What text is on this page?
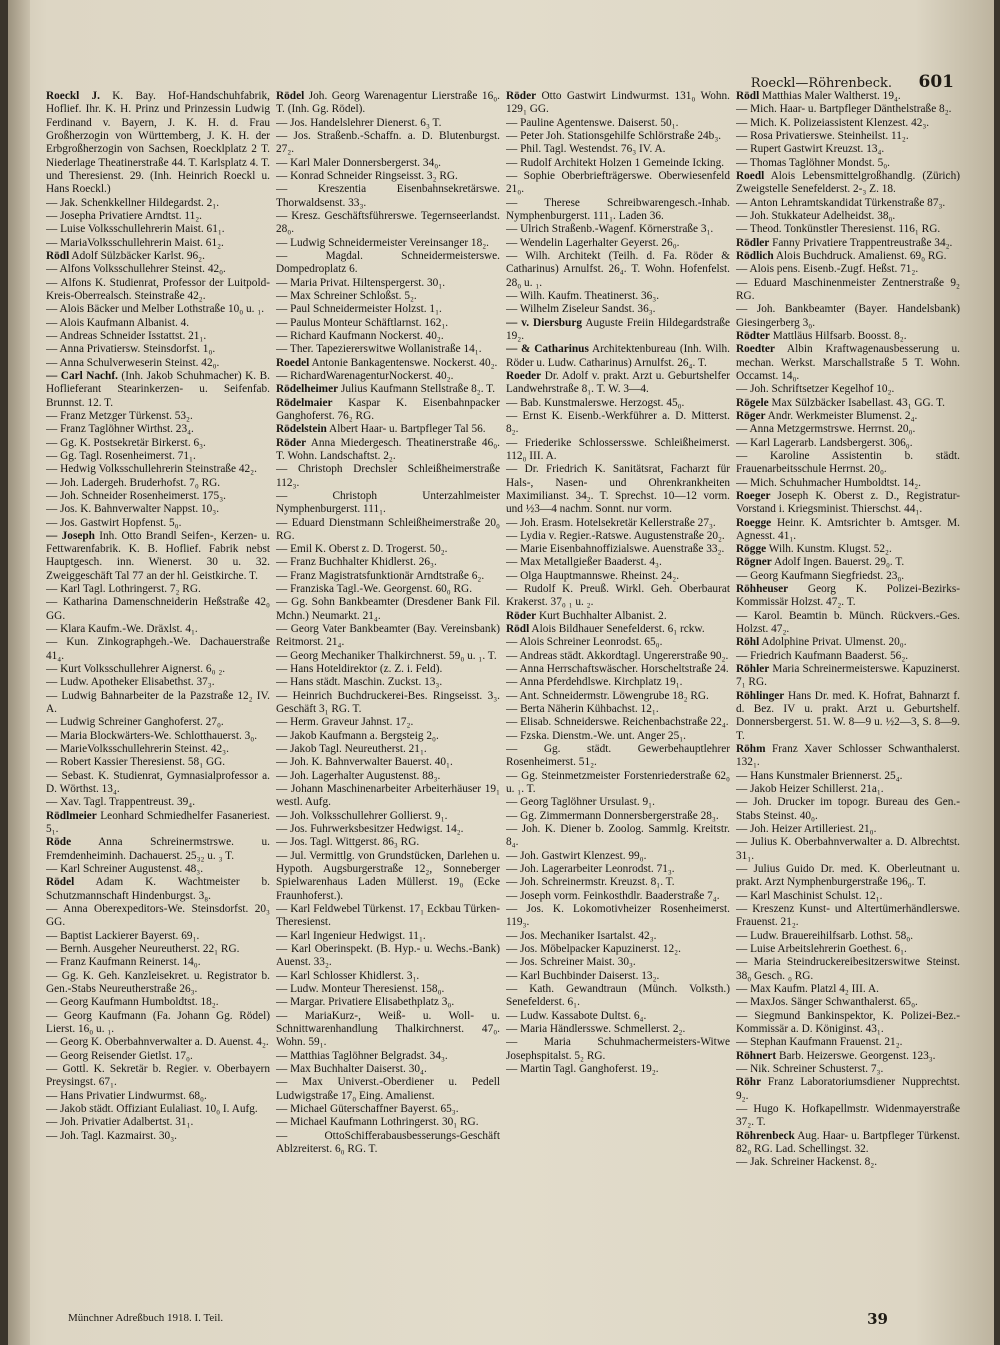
Roeckl—Röhrenbeck. 601
Roeckl J. K. Bay. Hof-Handschuhfabrik, Hoflief. Ihr. K. H. Prinz und Prinzessin Ludwig Ferdinand v. Bayern, J. K. H. d. Frau Großherzogin von Württemberg, J. K. H. der Erbgroßherzogin von Sachsen, Roecklplatz 2 T. Niederlage Theatinerstraße 44. T. Karlsplatz 4. T. und Theresienst. 29. (Inh. Heinrich Roeckl u. Hans Roeckl.)
— Jak. Schenkkellner Hildegardst. 2₁.
— Josepha Privatiere Arndtst. 11₂.
— Luise Volksschullehrerin Maist. 61₁.
— MariaVolksschullehrerin Maist. 61₂.
Rödl Adolf Sülzbäcker Karlst. 96₂.
— Alfons Volksschullehrer Steinst. 42₀.
— Alfons K. Studienrat, Professor der Luitpold-Kreis-Oberrealsch. Steinstraße 42₂.
— Alois Bäcker und Melber Lothstraße 10₀ u. ₁.
— Alois Kaufmann Albanist. 4.
— Andreas Schneider Isstattst. 21₁.
— Anna Privatiersw. Steinsdorfst. 1₀.
— Anna Schulverweserin Steinst. 42₀.
— Carl Nachf. (Inh. Jakob Schuhmacher) K. B. Hoflieferant Stearinkerzen- u. Seifenfab. Brunnst. 12. T.
— Franz Metzger Türkenst. 53₂.
— Franz Taglöhner Wirthst. 23₄.
— Gg. K. Postsekretär Birkerst. 6₃.
— Gg. Tagl. Rosenheimerst. 71₁.
— Hedwig Volksschullehrerin Steinstraße 42₂.
— Joh. Ladergeh. Bruderhofst. 7₀ RG.
— Joh. Schneider Rosenheimerst. 175₃.
— Jos. K. Bahnverwalter Nappst. 10₃.
— Jos. Gastwirt Hopfenst. 5₀.
— Joseph Inh. Otto Brandl Seifen-, Kerzen- u. Fettwarenfabrik. K. B. Hoflief. Fabrik nebst Hauptgesch. inn. Wienerst. 30 u. 32. Zweiggeschäft Tal 77 an der hl. Geistkirche. T.
— Karl Tagl. Lothringerst. 7₂ RG.
— Katharina Damenschneiderin Heßstraße 42₀ GG.
— Klara Kaufm.-We. Dräxlst. 4₁.
— Kun. Zinkographgeh.-We. Dachauerstraße 41₄.
— Kurt Volksschullehrer Aignerst. 6₀ ₂.
— Ludw. Apotheker Elisabethst. 37₃.
— Ludwig Bahnarbeiter de la Pazstraße 12₂ IV. A.
— Ludwig Schreiner Ganghoferst. 27₀.
— Maria Blockwärters-We. Schlotthauerst. 3₀.
— MarieVolksschullehrerin Steinst. 42₃.
— Robert Kassier Theresienst. 58₁ GG.
— Sebast. K. Studienrat, Gymnasialprofessor a. D. Wörthst. 13₄.
— Xav. Tagl. Trappentreust. 39₄.
Rödlmeier Leonhard Schmiedhelfer Fasaneriest. 5₁.
Röde Anna Schreinermstrswe. u. Fremdenheiminh. Dachauerst. 25₃₂ u. ₃ T.
— Karl Schreiner Augustenst. 48₃.
Rödel Adam K. Wachtmeister b. Schutzmannschaft Hindenburgst. 3₈.
— Anna Oberexpeditors-We. Steinsdorfst. 20₃ GG.
— Baptist Lackierer Bayerst. 69₁.
— Bernh. Ausgeher Neureutherst. 22₁ RG.
— Franz Kaufmann Reinerst. 14₀.
— Gg. K. Geh. Kanzleisekret. u. Registrator b. Gen.-Stabs Neureutherstraße 26₃.
— Georg Kaufmann Humboldtst. 18₂.
— Georg Kaufmann (Fa. Johann Gg. Rödel) Lierst. 16₀ u. ₁.
— Georg K. Oberbahnverwalter a. D. Auenst. 4₂.
— Georg Reisender Gietlst. 17₀.
— Gottl. K. Sekretär b. Regier. v. Oberbayern Preysingst. 67₁.
— Hans Privatier Lindwurmst. 68₀.
— Jakob städt. Offiziant Eulaliast. 10₀ I. Aufg.
— Joh. Privatier Adalbertst. 31₁.
— Joh. Tagl. Kazmairst. 30₃.
Rödel Joh. Georg Warenagentur Lierstraße 16₀. T. (Inh. Gg. Rödel).
— Jos. Handelslehrer Dienerst. 6₃ T.
— Jos. Straßenb.-Schaffn. a. D. Blutenburgst. 27₂.
— Karl Maler Donnersbergerst. 34₀.
— Konrad Schneider Ringseisst. 3₂ RG.
— Kreszentia Eisenbahnsekretärswe. Thorwaldsenst. 33₃.
— Kresz. Geschäftsführerswe. Tegernseerlandst. 28₀.
— Ludwig Schneidermeister Vereinsanger 18₂.
— Magdal. Schneidermeisterswe. Dompedroplatz 6.
— Maria Privat. Hiltenspergerst. 30₁.
— Max Schreiner Schloßst. 5₂.
— Paul Schneidermeister Holzst. 1₁.
— Paulus Monteur Schäftlarnst. 162₁.
— Richard Kaufmann Nockerst. 40₂.
— Ther. Tapeziererswitwe Wollanistraße 14₁.
Roedel Antonie Bankagentenswe. Nockerst. 40₂.
— RichardWarenagenturNockerst. 40₂.
Rödelheimer Julius Kaufmann Stellstraße 8₂. T.
Rödelmaier Kaspar K. Eisenbahnpacker Ganghoferst. 76₂ RG.
Rödelstein Albert Haar- u. Bartpfleger Tal 56.
Röder Anna Miedergesch. Theatinerstraße 46₀. T. Wohn. Landschaftst. 2₂.
— Christoph Drechsler Schleißheimerstraße 112₃.
— Christoph Unterzahlmeister Nymphenburgerst. 111₁.
— Eduard Dienstmann Schleißheimerstraße 20₀ RG.
— Emil K. Oberst z. D. Trogerst. 50₂.
— Franz Buchhalter Khidlerst. 26₃.
— Franz Magistratsfunktionär Arndtstraße 6₂.
— Franziska Tagl.-We. Georgenst. 60₀ RG.
— Gg. Sohn Bankbeamter (Dresdener Bank Fil. Mchn.) Neumarkt. 21₄.
— Georg Vater Bankbeamter (Bay. Vereinsbank) Reitmorst. 21₄.
— Georg Mechaniker Thalkirchnerst. 59₀ u. ₁. T.
— Hans Hoteldirektor (z. Z. i. Feld).
— Hans städt. Maschin. Zuckst. 13₃.
— Heinrich Buchdruckerei-Bes. Ringseisst. 3₃. Geschäft 3₁ RG. T.
— Herm. Graveur Jahnst. 17₂.
— Jakob Kaufmann a. Bergsteig 2₀.
— Jakob Tagl. Neureutherst. 21₁.
— Joh. K. Bahnverwalter Bauerst. 40₁.
— Joh. Lagerhalter Augustenst. 88₃.
— Johann Maschinenarbeiter Arbeiterhäuser 19₁ westl. Aufg.
— Joh. Volksschullehrer Gollierst. 9₁.
— Jos. Fuhrwerksbesitzer Hedwigst. 14₂.
— Jos. Tagl. Wittgerst. 86₃ RG.
— Jul. Vermittlg. von Grundstücken, Darlehen u. Hypoth. Augsburgerstraße 12₂, Sonneberger Spielwarenhaus Laden Müllerst. 19₀ (Ecke Fraunhoferst.).
— Karl Feldwebel Türkenst. 17₁ Eckbau Türken-Theresienst.
— Karl Ingenieur Hedwigst. 11₁.
— Karl Oberinspekt. (B. Hyp.- u. Wechs.-Bank) Auenst. 33₂.
— Karl Schlosser Khidlerst. 3₁.
— Ludw. Monteur Theresienst. 158₀.
— Margar. Privatiere Elisabethplatz 3₀.
— MariaKurz-, Weiß- u. Woll- u. Schnittwarenhandlung Thalkirchnerst. 47₀. Wohn. 59₁.
— Matthias Taglöhner Belgradst. 34₃.
— Max Buchhalter Daiserst. 30₄.
— Max Universt.-Oberdiener u. Pedell Ludwigstraße 17₀ Eing. Amalienst.
— Michael Güterschaffner Bayerst. 65₃.
— Michael Kaufmann Lothringerst. 30₁ RG.
— OttoSchifferabausbesserungs-Geschäft Ablzreiterst. 6₀ RG. T.
Röder Otto Gastwirt Lindwurmst. 131₀ Wohn. 129₁ GG.
— Pauline Agentenswe. Daiserst. 50₁.
— Peter Joh. Stationsgehilfe Schlörstraße 24b₃.
— Phil. Tagl. Westendst. 76₃ IV. A.
— Rudolf Architekt Holzen 1 Gemeinde Icking.
— Sophie Oberbriefträgerswe. Oberwiesenfeld 21₀.
— Therese Schreibwarengesch.-Inhab. Nymphenburgerst. 111₁. Laden 36.
— Ulrich Straßenb.-Wagenf. Körnerstraße 3₁.
— Wendelin Lagerhalter Geyerst. 26₀.
— Wilh. Architekt (Teilh. d. Fa. Röder & Catharinus) Arnulfst. 26₄. T. Wohn. Hofenfelst. 28₀ u. ₁.
— Wilh. Kaufm. Theatinerst. 36₃.
— Wilhelm Ziseleur Sandst. 36₃.
— v. Diersburg Auguste Freiin Hildegardstraße 19₂.
— & Catharinus Architektenbureau (Inh. Wilh. Röder u. Ludw. Catharinus) Arnulfst. 26₄. T.
Roeder Dr. Adolf v. prakt. Arzt u. Geburtshelfer Landwehrstraße 8₁. T. W. 3—4.
— Bab. Kunstmalerswe. Herzogst. 45₀.
— Ernst K. Eisenb.-Werkführer a. D. Mitterst. 8₂.
— Friederike Schlossersswe. Schleißheimerst. 112₀ III. A.
— Dr. Friedrich K. Sanitätsrat, Facharzt für Hals-, Nasen- und Ohrenkrankheiten Maximilianst. 34₂. T. Sprechst. 10—12 vorm. und ½3—4 nachm. Sonnt. nur vorm.
— Joh. Erasm. Hotelsekretär Kellerstraße 27₃.
— Lydia v. Regier.-Ratswe. Augustenstraße 20₂.
— Marie Eisenbahnoffizialswe. Auenstraße 33₂.
— Max Metallgießer Baaderst. 4₃.
— Olga Hauptmannswe. Rheinst. 24₂.
— Rudolf K. Preuß. Wirkl. Geh. Oberbaurat Krakerst. 37₀ ₁ u. ₂.
Röder Kurt Buchhalter Albanist. 2.
Rödl Alois Bildhauer Senefelderst. 6₁ rckw.
— Alois Schreiner Leonrodst. 65₀.
— Andreas städt. Akkordtagl. Ungererstraße 90₂.
— Anna Herrschaftswäscher. Horscheltstraße 24.
— Anna Pferdehdlswe. Kirchplatz 19₁.
— Ant. Schneidermstr. Löwengrube 18₂ RG.
— Berta Näherin Kühbachst. 12₁.
— Elisab. Schneiderswe. Reichenbachstraße 22₄.
— Fzska. Dienstm.-We. unt. Anger 25₁.
— Gg. städt. Gewerbehauptlehrer Rosenheimerst. 51₂.
— Gg. Steinmetzmeister Forstenriederstraße 62₀ u. ₁. T.
— Georg Taglöhner Ursulast. 9₁.
— Gg. Zimmermann Donnersbergerstraße 28₃.
— Joh. K. Diener b. Zoolog. Sammlg. Kreitstr. 8₄.
— Joh. Gastwirt Klenzest. 99₀.
— Joh. Lagerarbeiter Leonrodst. 71₃.
— Joh. Schreinermstr. Kreuzst. 8₁. T.
— Joseph vorm. Feinkosthdlr. Baaderstraße 7₄.
— Jos. K. Lokomotivheizer Rosenheimerst. 119₃.
— Jos. Mechaniker Isartalst. 42₃.
— Jos. Möbelpacker Kapuzinerst. 12₂.
— Jos. Schreiner Maist. 30₃.
— Karl Buchbinder Daiserst. 13₂.
— Kath. Gewandtraun (Münch. Volksth.) Senefelderst. 6₁.
— Ludw. Kassabote Dultst. 6₄.
— Maria Händlersswe. Schmellerst. 2₂.
— Maria Schuhmachermeisters-Witwe Josephspitalst. 5₂ RG.
— Martin Tagl. Ganghoferst. 19₂.
Rödl Matthias Maler Waltherst. 19₄.
— Mich. Haar- u. Bartpfleger Dänthelstraße 8₂.
— Mich. K. Polizeiassistent Klenzest. 42₃.
— Rosa Privatierswe. Steinheilst. 11₂.
— Rupert Gastwirt Kreuzst. 13₄.
— Thomas Taglöhner Mondst. 5₀.
Roedl Alois Lebensmittelgroßhandlg. (Zürich) Zweigstelle Senefelderst. 2-₃ Z. 18.
— Anton Lehramtskandidat Türkenstraße 87₃.
— Joh. Stukkateur Adelheidst. 38₀.
— Theod. Tonkünstler Theresienst. 116₁ RG.
Rödler Fanny Privatiere Trappentreustraße 34₂.
Rödlich Alois Buchdruck. Amalienst. 69₀ RG.
— Alois pens. Eisenb.-Zugf. Heßst. 71₂.
— Eduard Maschinenmeister Zentnerstraße 9₂ RG.
— Joh. Bankbeamter (Bayer. Handelsbank) Giesingerberg 3₀.
Rödter Mattläus Hilfsarb. Boosst. 8₂.
Roedter Albin Kraftwagenausbesserung u. mechan. Werkst. Marschallstraße 5 T. Wohn. Occamst. 14₀.
— Joh. Schriftsetzer Kegelhof 10₂.
Rögele Max Sülzbäcker Isabellast. 43₁ GG. T.
Röger Andr. Werkmeister Blumenst. 2₄.
— Anna Metzgermstrswe. Herrnst. 20₀.
— Karl Lagerarb. Landsbergerst. 306₀.
— Karoline Assistentin b. städt. Frauenarbeitsschule Herrnst. 20₀.
— Mich. Schuhmacher Humboldtst. 14₂.
Roeger Joseph K. Oberst z. D., Registratur-Vorstand i. Kriegsminist. Thierschst. 44₁.
Roegge Heinr. K. Amtsrichter b. Amtsger. M. Agnesst. 41₁.
Rögge Wilh. Kunstm. Klugst. 52₂.
Rögner Adolf Ingen. Bauerst. 29₀. T.
— Georg Kaufmann Siegfriedst. 23₀.
Röhheuser Georg K. Polizei-Bezirks-Kommissär Holzst. 47₂. T.
— Karol. Beamtin b. Münch. Rückvers.-Ges. Holzst. 47₂.
Röhl Adolphine Privat. Ulmenst. 20₀.
— Friedrich Kaufmann Baaderst. 56₂.
Röhler Maria Schreinermeisterswe. Kapuzinerst. 7₁ RG.
Röhlinger Hans Dr. med. K. Hofrat, Bahnarzt f. d. Bez. IV u. prakt. Arzt u. Geburtshelf. Donnersbergerst. 51. W. 8—9 u. ½2—3, S. 8—9. T.
Röhm Franz Xaver Schlosser Schwanthalerst. 132₁.
— Hans Kunstmaler Briennerst. 25₄.
— Jakob Heizer Schillerst. 21a₁.
— Joh. Drucker im topogr. Bureau des Gen.-Stabs Steinst. 40₀.
— Joh. Heizer Artilleriest. 21₀.
— Julius K. Oberbahnverwalter a. D. Albrechtst. 31₁.
— Julius Guido Dr. med. K. Oberleutnant u. prakt. Arzt Nymphenburgerstraße 196₀. T.
— Karl Maschinist Schulst. 12₁.
— Kreszenz Kunst- und Altertümerhändlerswe. Frauenst. 21₂.
— Ludw. Brauereihilfsarb. Lothst. 58₀.
— Luise Arbeitslehrerin Goethest. 6₁.
— Maria Steindruckereibesitzerswitwe Steinst. 38₀ Gesch. ₀ RG.
— Max Kaufm. Platzl 4₂ III. A.
— MaxJos. Sänger Schwanthalerst. 65₀.
— Siegmund Bankinspektor, K. Polizei-Bez.-Kommissär a. D. Königinst. 43₁.
— Stephan Kaufmann Frauenst. 21₂.
Röhnert Barb. Heizerswe. Georgenst. 123₃.
— Nik. Schreiner Schusterst. 7₃.
Röhr Franz Laboratoriumsdiener Nupprechtst. 9₂.
— Hugo K. Hofkapellmstr. Widenmayerstraße 37₂. T.
Röhrenbeck Aug. Haar- u. Bartpfleger Türkenst. 82₀ RG. Lad. Schellingst. 32.
— Jak. Schreiner Hackenst. 8₂.
Münchner Adreßbuch 1918. I. Teil.	39
